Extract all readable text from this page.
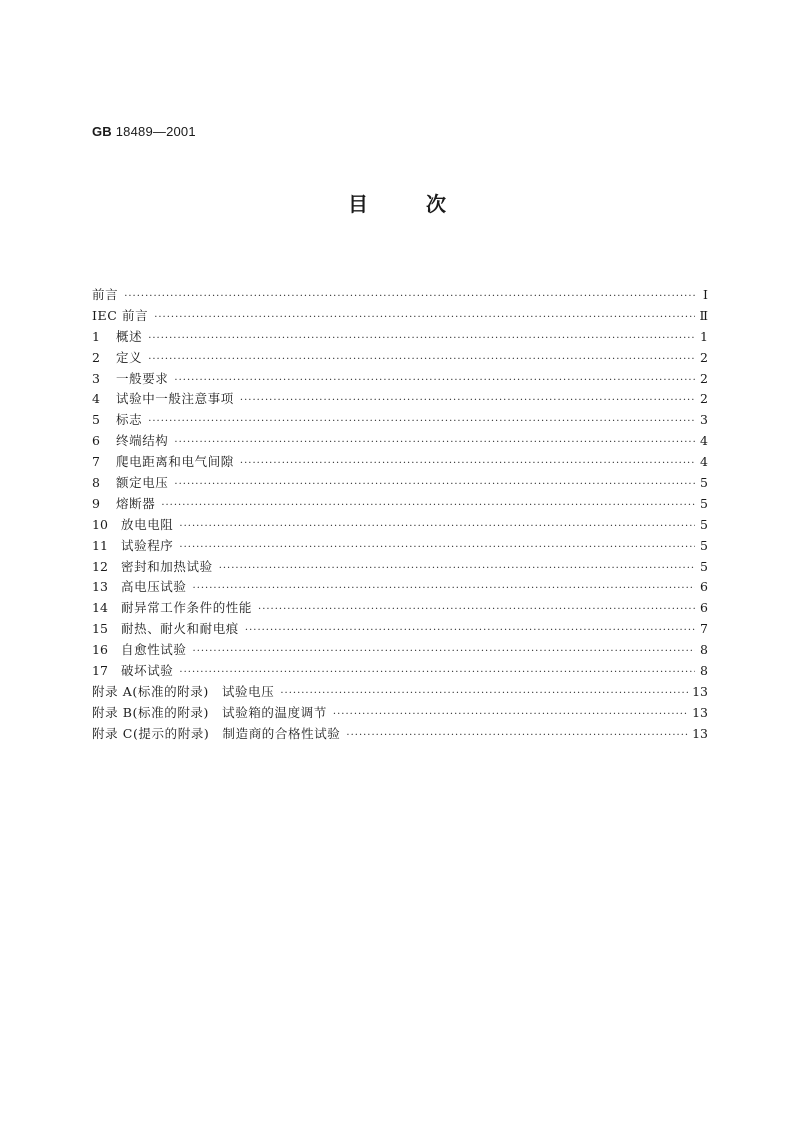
GB 18489—2001
目	次
前言 ·····	Ⅰ
IEC 前言 ·····	Ⅱ
1	概述 ·····	1
2	定义 ·····	2
3	一般要求 ·····	2
4	试验中一般注意事项 ·····	2
5	标志 ·····	3
6	终端结构 ·····	4
7	爬电距离和电气间隙 ·····	4
8	额定电压 ·····	5
9	熔断器 ·····	5
10	放电电阻 ·····	5
11	试验程序 ·····	5
12	密封和加热试验 ·····	5
13	高电压试验 ·····	6
14	耐异常工作条件的性能 ·····	6
15	耐热、耐火和耐电痕 ·····	7
16	自愈性试验 ·····	8
17	破坏试验 ·····	8
附录 A(标准的附录)　试验电压 ·····	13
附录 B(标准的附录)　试验箱的温度调节 ·····	13
附录 C(提示的附录)　制造商的合格性试验 ·····	13
